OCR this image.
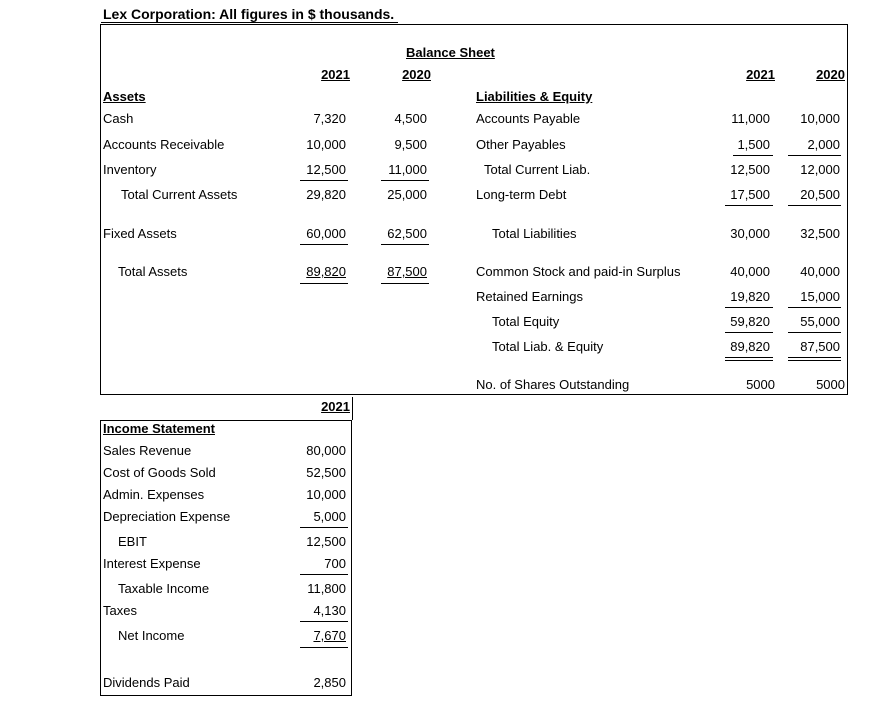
Lex Corporation: All figures in $ thousands.
Balance Sheet
2021	2020	2021	2020
Assets
Cash	7,320	4,500
Accounts Receivable	10,000	9,500
Inventory	12,500	11,000
Total Current Assets	29,820	25,000
Fixed Assets	60,000	62,500
Total Assets	89,820	87,500
Liabilities & Equity
Accounts Payable	11,000	10,000
Other Payables	1,500	2,000
Total Current Liab.	12,500	12,000
Long-term Debt	17,500	20,500
Total Liabilities	30,000	32,500
Common Stock and paid-in Surplus	40,000	40,000
Retained Earnings	19,820	15,000
Total Equity	59,820	55,000
Total Liab. & Equity	89,820	87,500
No. of Shares Outstanding	5000	5000
2021
Income Statement
Sales Revenue	80,000
Cost of Goods Sold	52,500
Admin. Expenses	10,000
Depreciation Expense	5,000
EBIT	12,500
Interest Expense	700
Taxable Income	11,800
Taxes	4,130
Net Income	7,670
Dividends Paid	2,850
